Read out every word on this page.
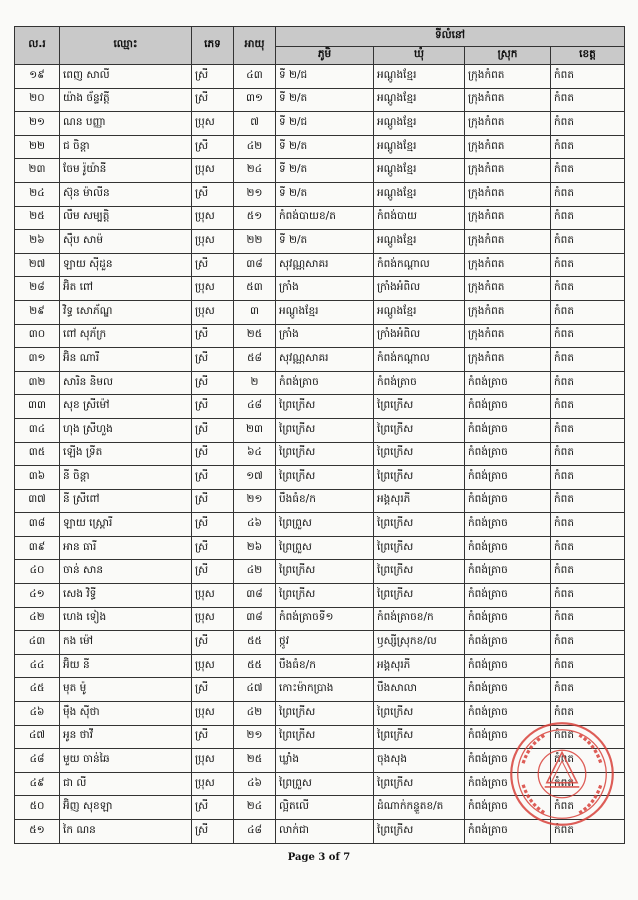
ល.រ	ឈ្មោះ	ភេទ	អាយុ	ទីលំនៅ			
				ភូមិ	ឃុំ	ស្រុក	ខេត្ត
១៩	ពេញ សាលី	ស្រី	៤៣	ទី ២/ជ	អណ្ដូងខ្មែរ	ក្រុងកំពត	កំពត
២០	យ៉ាង ច័ន្ទវត្តី	ស្រី	៣១	ទី ២/ត	អណ្ដូងខ្មែរ	ក្រុងកំពត	កំពត
២១	ណន បញ្ញា	ប្រុស	៧	ទី ២/ជ	អណ្ដូងខ្មែរ	ក្រុងកំពត	កំពត
២២	ជ ចិន្តា	ស្រី	៤២	ទី ២/ត	អណ្ដូងខ្មែរ	ក្រុងកំពត	កំពត
២៣	ចែម រ៉ូយ៉ានី	ប្រុស	២៤	ទី ២/ត	អណ្ដូងខ្មែរ	ក្រុងកំពត	កំពត
២៤	ស៊ុន ម៉ាលីន	ស្រី	២១	ទី ២/ត	អណ្ដូងខ្មែរ	ក្រុងកំពត	កំពត
២៥	លឹម សម្បត្តិ	ប្រុស	៥១	កំពង់បាយខ/ត	កំពង់បាយ	ក្រុងកំពត	កំពត
២៦	ស៊ឹប សាម៉	ប្រុស	២២	ទី ២/ត	អណ្ដូងខ្មែរ	ក្រុងកំពត	កំពត
២៧	ឡាយ ស៊ីដួន	ស្រី	៣៨	សុវណ្ណសាគរ	កំពង់កណ្ដាល	ក្រុងកំពត	កំពត
២៨	អ៊ិត ពៅ	ប្រុស	៥៣	ក្រាំង	ក្រាំងអំពិល	ក្រុងកំពត	កំពត
២៩	វិទ្ធ សោភ័ណ្ឌ	ប្រុស	៣	អណ្ដូងខ្មែរ	អណ្ដូងខ្មែរ	ក្រុងកំពត	កំពត
៣០	ពៅ សុភ័ក្រ	ស្រី	២៥	ក្រាំង	ក្រាំងអំពិល	ក្រុងកំពត	កំពត
៣១	អ៊ិន ណារី	ស្រី	៥៨	សុវណ្ណសាគរ	កំពង់កណ្ដាល	ក្រុងកំពត	កំពត
៣២	សារិន និមល	ស្រី	២	កំពង់ត្រាច	កំពង់ត្រាច	កំពង់ត្រាច	កំពត
៣៣	សុខ ស្រីម៉ៅ	ស្រី	៤៨	ព្រៃក្រើស	ព្រៃក្រើស	កំពង់ត្រាច	កំពត
៣៤	ហុង ស្រីហួង	ស្រី	២៣	ព្រៃក្រើស	ព្រៃក្រើស	កំពង់ត្រាច	កំពត
៣៥	ឡើង ទ្រីត	ស្រី	៦៤	ព្រៃក្រើស	ព្រៃក្រើស	កំពង់ត្រាច	កំពត
៣៦	នី ចិន្តា	ស្រី	១៧	ព្រៃក្រើស	ព្រៃក្រើស	កំពង់ត្រាច	កំពត
៣៧	នី ស្រីពៅ	ស្រី	២១	បឹងធំខ/ក	អង្គសុរភី	កំពង់ត្រាច	កំពត
៣៨	ឡាយ ស្រ្គោរី	ស្រី	៤៦	ព្រៃព្រួស	ព្រៃក្រើស	កំពង់ត្រាច	កំពត
៣៩	អាន ធារី	ស្រី	២៦	ព្រៃព្រួស	ព្រៃក្រើស	កំពង់ត្រាច	កំពត
៤០	ចាន់ សាន	ស្រី	៤២	ព្រៃក្រើស	ព្រៃក្រើស	កំពង់ត្រាច	កំពត
៤១	សេង វិទ្ធី	ប្រុស	៣៨	ព្រៃក្រើស	ព្រៃក្រើស	កំពង់ត្រាច	កំពត
៤២	ហេង ទៀង	ប្រុស	៣៨	កំពង់ត្រាចទី១	កំពង់ត្រាចខ/ក	កំពង់ត្រាច	កំពត
៤៣	កង ម៉ៅ	ស្រី	៥៥	ថ្កូវ	ឫស្សីស្រុកខ/ល	កំពង់ត្រាច	កំពត
៤៤	អ៊ិយ នី	ប្រុស	៥៥	បឹងធំខ/ក	អង្គសុរភី	កំពង់ត្រាច	កំពត
៤៥	មុត ម៉ូ	ស្រី	៤៧	កោះម៉ាកប្រាង	បឹងសាលា	កំពង់ត្រាច	កំពត
៤៦	ម៉ឹង ស៊ីថា	ប្រុស	៤២	ព្រៃក្រើស	ព្រៃក្រើស	កំពង់ត្រាច	កំពត
៤៧	អូន ថាវី	ស្រី	២១	ព្រៃក្រើស	ព្រៃក្រើស	កំពង់ត្រាច	កំពត
៤៨	មួយ ចាន់ឆៃ	ប្រុស	២៥	ឃ្លាំង	ចុងសុង	កំពង់ត្រាច	កំពត
៤៩	ជា លី	ប្រុស	៤៦	ព្រៃព្រួស	ព្រៃក្រើស	កំពង់ត្រាច	កំពត
៥០	អ៊ិញ សុខឡា	ស្រី	២៤	ល្អិតលើ	ដំណាក់កន្ទួតខ/ត	កំពង់ត្រាច	កំពត
៥១	កៃ ណន	ស្រី	៤៨	លាក់ជា	ព្រៃក្រើស	កំពង់ត្រាច	កំពត
Page 3 of 7
